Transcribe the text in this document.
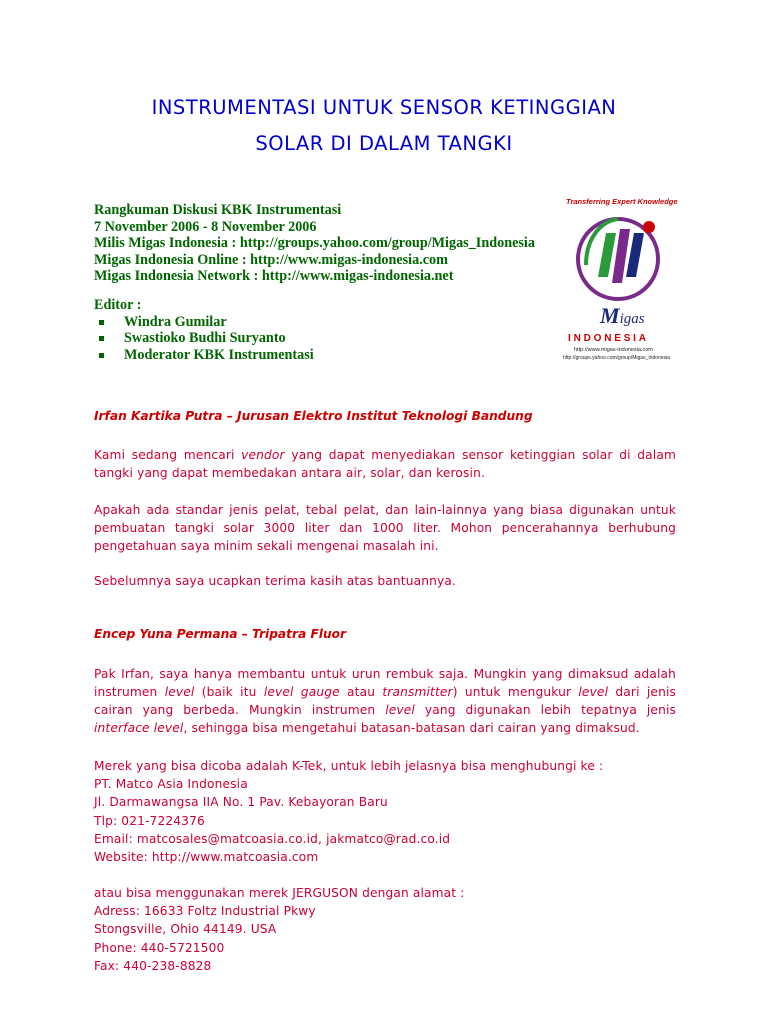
INSTRUMENTASI UNTUK SENSOR KETINGGIAN
SOLAR DI DALAM TANGKI
Rangkuman Diskusi KBK Instrumentasi
7 November 2006 - 8 November 2006
Milis Migas Indonesia : http://groups.yahoo.com/group/Migas_Indonesia
Migas Indonesia Online : http://www.migas-indonesia.com
Migas Indonesia Network : http://www.migas-indonesia.net
Editor :
Windra Gumilar
Swastioko Budhi Suryanto
Moderator KBK Instrumentasi
Transferring Expert Knowledge
Migas
INDONESIA
http://www.migas-indonesia.com
http://groups.yahoo.com/group/Migas_Indonesia
Irfan Kartika Putra – Jurusan Elektro Institut Teknologi Bandung

Kami sedang mencari vendor yang dapat menyediakan sensor ketinggian solar di dalam tangki yang dapat membedakan antara air, solar, dan kerosin.

Apakah ada standar jenis pelat, tebal pelat, dan lain-lainnya yang biasa digunakan untuk pembuatan tangki solar 3000 liter dan 1000 liter. Mohon pencerahannya berhubung pengetahuan saya minim sekali mengenai masalah ini.

Sebelumnya saya ucapkan terima kasih atas bantuannya.

Encep Yuna Permana – Tripatra Fluor

Pak Irfan, saya hanya membantu untuk urun rembuk saja. Mungkin yang dimaksud adalah instrumen level (baik itu level gauge atau transmitter) untuk mengukur level dari jenis cairan yang berbeda. Mungkin instrumen level yang digunakan lebih tepatnya jenis interface level, sehingga bisa mengetahui batasan-batasan dari cairan yang dimaksud.

Merek yang bisa dicoba adalah K-Tek, untuk lebih jelasnya bisa menghubungi ke :
PT. Matco Asia Indonesia
Jl. Darmawangsa IIA No. 1 Pav. Kebayoran Baru
Tlp: 021-7224376
Email: matcosales@matcoasia.co.id, jakmatco@rad.co.id
Website: http://www.matcoasia.com
atau bisa menggunakan merek JERGUSON dengan alamat :
Adress: 16633 Foltz Industrial Pkwy
Stongsville, Ohio 44149. USA
Phone: 440-5721500
Fax: 440-238-8828
